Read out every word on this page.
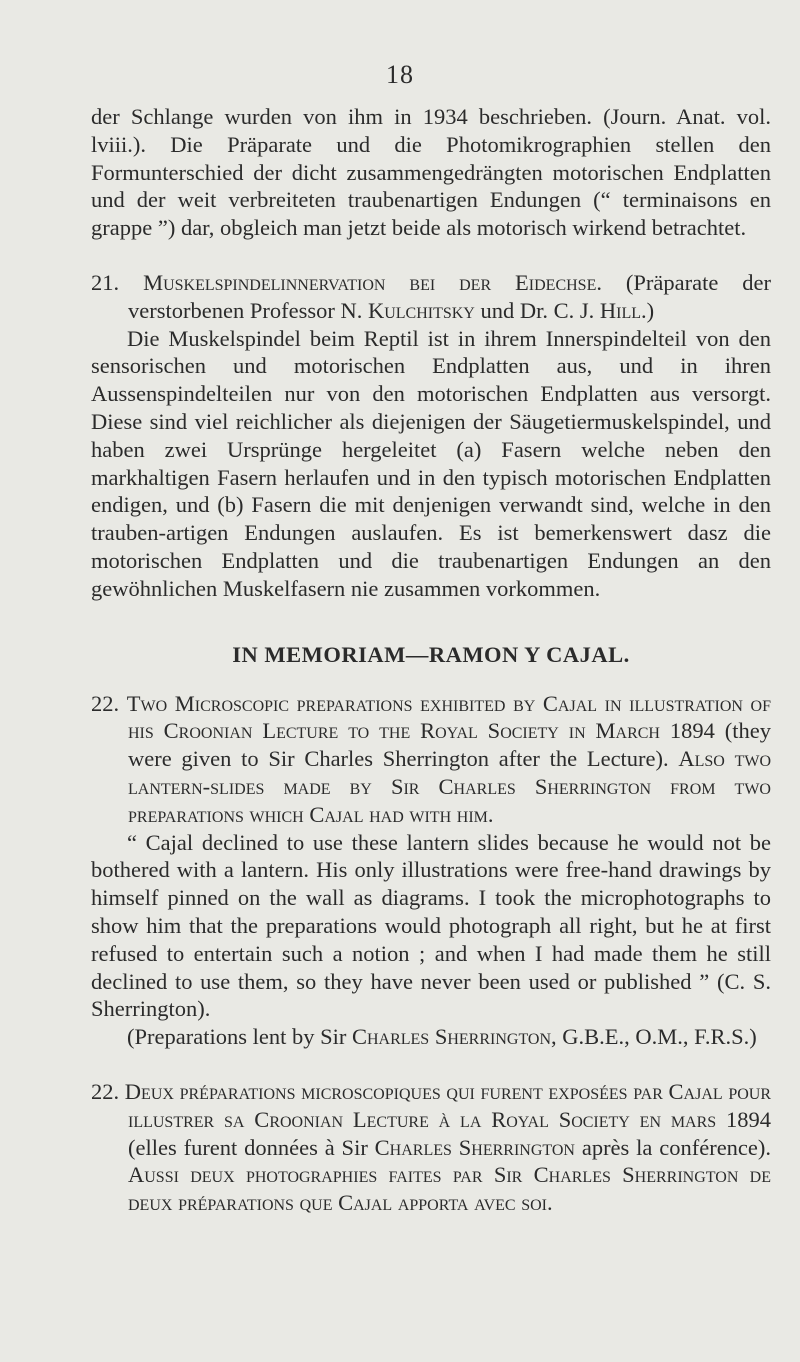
18

der Schlange wurden von ihm in 1934 beschrieben. (Journ. Anat. vol. lviii.). Die Präparate und die Photomikrographien stellen den Formunterschied der dicht zusammengedrängten motorischen Endplatten und der weit verbreiteten traubenartigen Endungen (“ terminaisons en grappe ”) dar, obgleich man jetzt beide als motorisch wirkend betrachtet.

21. Muskelspindelinnervation bei der Eidechse. (Präparate der verstorbenen Professor N. Kulchitsky und Dr. C. J. Hill.)

Die Muskelspindel beim Reptil ist in ihrem Innerspindelteil von den sensorischen und motorischen Endplatten aus, und in ihren Aussenspindelteilen nur von den motorischen Endplatten aus versorgt. Diese sind viel reichlicher als diejenigen der Säugetiermuskelspindel, und haben zwei Ursprünge hergeleitet (a) Fasern welche neben den markhaltigen Fasern herlaufen und in den typisch motorischen Endplatten endigen, und (b) Fasern die mit denjenigen verwandt sind, welche in den trauben-artigen Endungen auslaufen. Es ist bemerkenswert dasz die motorischen Endplatten und die traubenartigen Endungen an den gewöhnlichen Muskelfasern nie zusammen vorkommen.

IN MEMORIAM—RAMON Y CAJAL.

22. Two Microscopic preparations exhibited by Cajal in illustration of his Croonian Lecture to the Royal Society in March 1894 (they were given to Sir Charles Sherrington after the Lecture). Also two lantern-slides made by Sir Charles Sherrington from two preparations which Cajal had with him.

“ Cajal declined to use these lantern slides because he would not be bothered with a lantern. His only illustrations were free-hand drawings by himself pinned on the wall as diagrams. I took the microphotographs to show him that the preparations would photograph all right, but he at first refused to entertain such a notion ; and when I had made them he still declined to use them, so they have never been used or published ” (C. S. Sherrington).

(Preparations lent by Sir Charles Sherrington, G.B.E., O.M., F.R.S.)

22. Deux préparations microscopiques qui furent exposées par Cajal pour illustrer sa Croonian Lecture à la Royal Society en mars 1894 (elles furent données à Sir Charles Sherrington après la conférence). Aussi deux photographies faites par Sir Charles Sherrington de deux préparations que Cajal apporta avec soi.
